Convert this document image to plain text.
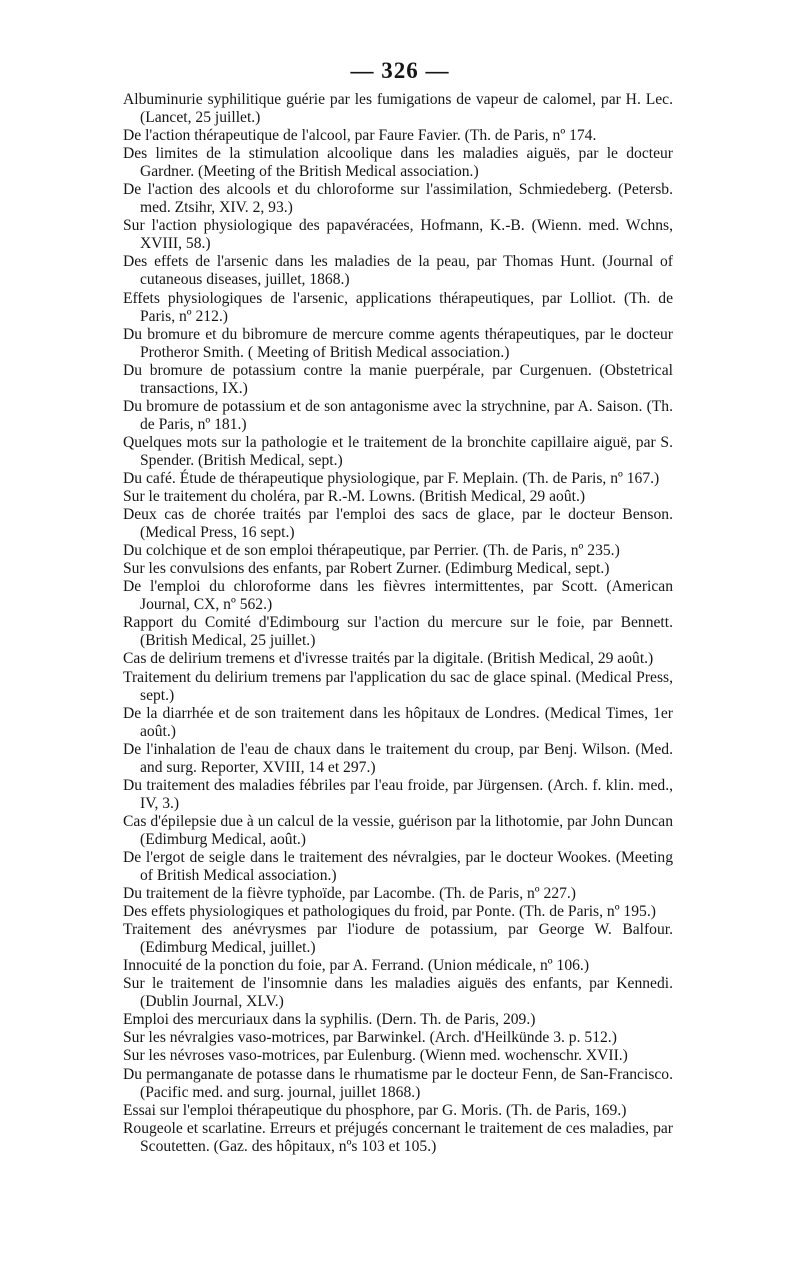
— 326 —

Albuminurie syphilitique guérie par les fumigations de vapeur de calomel, par H. Lec. (Lancet, 25 juillet.)

De l'action thérapeutique de l'alcool, par Faure Favier. (Th. de Paris, nº 174.

Des limites de la stimulation alcoolique dans les maladies aiguës, par le docteur Gardner. (Meeting of the British Medical association.)

De l'action des alcools et du chloroforme sur l'assimilation, Schmiedeberg. (Petersb. med. Ztsihr, XIV. 2, 93.)

Sur l'action physiologique des papavéracées, Hofmann, K.-B. (Wienn. med. Wchns, XVIII, 58.)

Des effets de l'arsenic dans les maladies de la peau, par Thomas Hunt. (Journal of cutaneous diseases, juillet, 1868.)

Effets physiologiques de l'arsenic, applications thérapeutiques, par Lolliot. (Th. de Paris, nº 212.)

Du bromure et du bibromure de mercure comme agents thérapeutiques, par le docteur Protheror Smith. ( Meeting of British Medical association.)

Du bromure de potassium contre la manie puerpérale, par Curgenuen. (Obstetrical transactions, IX.)

Du bromure de potassium et de son antagonisme avec la strychnine, par A. Saison. (Th. de Paris, nº 181.)

Quelques mots sur la pathologie et le traitement de la bronchite capillaire aiguë, par S. Spender. (British Medical, sept.)

Du café. Étude de thérapeutique physiologique, par F. Meplain. (Th. de Paris, nº 167.)

Sur le traitement du choléra, par R.-M. Lowns. (British Medical, 29 août.)

Deux cas de chorée traités par l'emploi des sacs de glace, par le docteur Benson. (Medical Press, 16 sept.)

Du colchique et de son emploi thérapeutique, par Perrier. (Th. de Paris, nº 235.)

Sur les convulsions des enfants, par Robert Zurner. (Edimburg Medical, sept.)

De l'emploi du chloroforme dans les fièvres intermittentes, par Scott. (American Journal, CX, nº 562.)

Rapport du Comité d'Edimbourg sur l'action du mercure sur le foie, par Bennett. (British Medical, 25 juillet.)

Cas de delirium tremens et d'ivresse traités par la digitale. (British Medical, 29 août.)

Traitement du delirium tremens par l'application du sac de glace spinal. (Medical Press, sept.)

De la diarrhée et de son traitement dans les hôpitaux de Londres. (Medical Times, 1er août.)

De l'inhalation de l'eau de chaux dans le traitement du croup, par Benj. Wilson. (Med. and surg. Reporter, XVIII, 14 et 297.)

Du traitement des maladies fébriles par l'eau froide, par Jürgensen. (Arch. f. klin. med., IV, 3.)

Cas d'épilepsie due à un calcul de la vessie, guérison par la lithotomie, par John Duncan (Edimburg Medical, août.)

De l'ergot de seigle dans le traitement des névralgies, par le docteur Wookes. (Meeting of British Medical association.)

Du traitement de la fièvre typhoïde, par Lacombe. (Th. de Paris, nº 227.)

Des effets physiologiques et pathologiques du froid, par Ponte. (Th. de Paris, nº 195.)

Traitement des anévrysmes par l'iodure de potassium, par George W. Balfour. (Edimburg Medical, juillet.)

Innocuité de la ponction du foie, par A. Ferrand. (Union médicale, nº 106.)

Sur le traitement de l'insomnie dans les maladies aiguës des enfants, par Kennedi. (Dublin Journal, XLV.)

Emploi des mercuriaux dans la syphilis. (Dern. Th. de Paris, 209.)

Sur les névralgies vaso-motrices, par Barwinkel. (Arch. d'Heilkünde 3. p. 512.)

Sur les névroses vaso-motrices, par Eulenburg. (Wienn med. wochenschr. XVII.)

Du permanganate de potasse dans le rhumatisme par le docteur Fenn, de San-Francisco. (Pacific med. and surg. journal, juillet 1868.)

Essai sur l'emploi thérapeutique du phosphore, par G. Moris. (Th. de Paris, 169.)

Rougeole et scarlatine. Erreurs et préjugés concernant le traitement de ces maladies, par Scoutetten. (Gaz. des hôpitaux, nºs 103 et 105.)
